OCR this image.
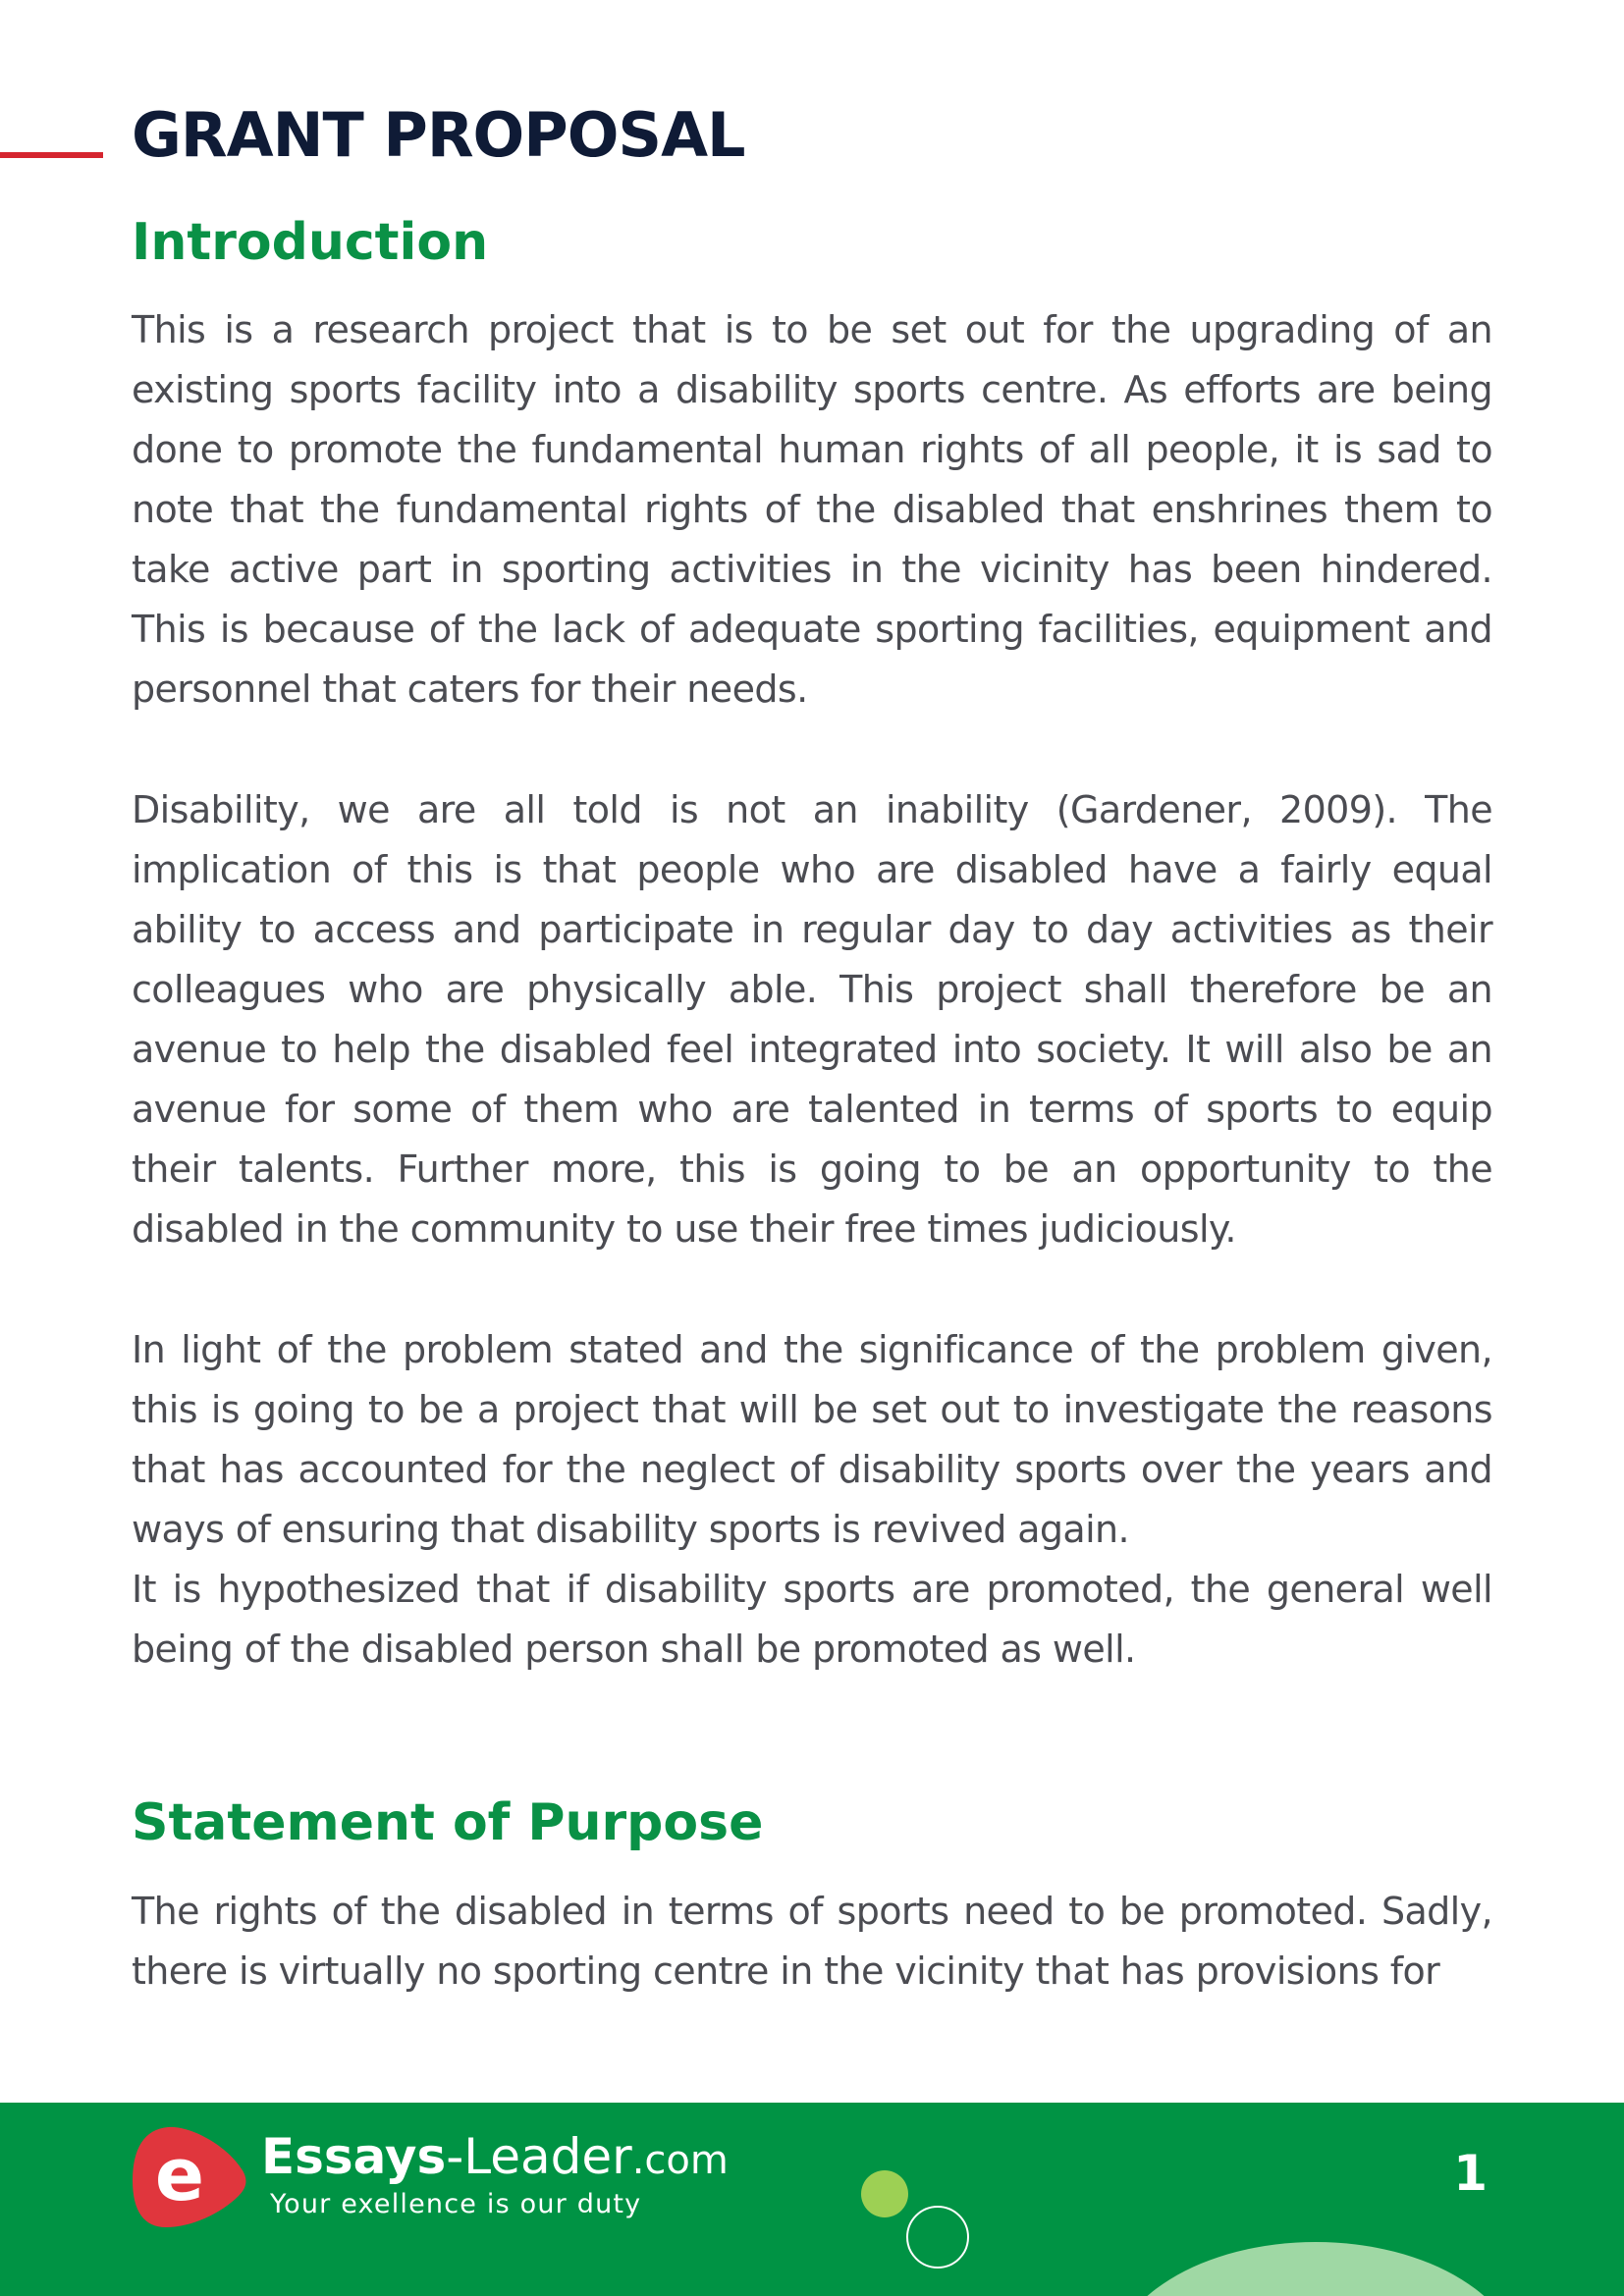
GRANT PROPOSAL
Introduction

This is a research project that is to be set out for the upgrading of an existing sports facility into a disability sports centre. As efforts are being done to promote the fundamental human rights of all people, it is sad to note that the fundamental rights of the disabled that enshrines them to take active part in sporting activities in the vicinity has been hindered. This is because of the lack of adequate sporting facilities, equipment and personnel that caters for their needs.

Disability, we are all told is not an inability (Gardener, 2009). The implication of this is that people who are disabled have a fairly equal ability to access and participate in regular day to day activities as their colleagues who are physically able. This project shall therefore be an avenue to help the disabled feel integrated into society. It will also be an avenue for some of them who are talented in terms of sports to equip their talents. Further more, this is going to be an opportunity to the disabled in the community to use their free times judiciously.

In light of the problem stated and the significance of the problem given, this is going to be a project that will be set out to investigate the reasons that has accounted for the neglect of disability sports over the years and ways of ensuring that disability sports is revived again.

It is hypothesized that if disability sports are promoted, the general well being of the disabled person shall be promoted as well.

Statement of Purpose

The rights of the disabled in terms of sports need to be promoted. Sadly, there is virtually no sporting centre in the vicinity that has provisions for

e Essays-Leader.com
Your exellence is our duty
1
